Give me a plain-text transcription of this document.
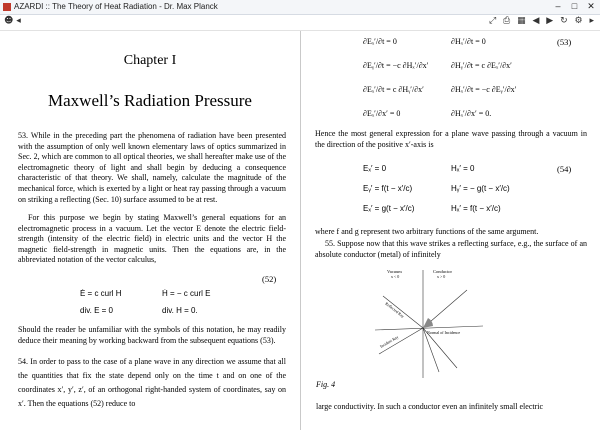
AZARDI :: The Theory of Heat Radiation - Dr. Max Planck	– □ ✕
☻ ◂	⤢ ⎙ ▦ ◀ ▶ ↻ ⚙ ▸
Chapter I
Maxwell’s Radiation Pressure
53. While in the preceding part the phenomena of radiation have been presented with the assumption of only well known elementary laws of optics summarized in Sec. 2, which are common to all optical theories, we shall hereafter make use of the electromagnetic theory of light and shall begin by deducing a consequence characteristic of that theory. We shall, namely, calculate the magnitude of the mechanical force, which is exerted by a light or heat ray passing through a vacuum on striking a reflecting (Sec. 10) surface assumed to be at rest.
For this purpose we begin by stating Maxwell’s general equations for an electromagnetic process in a vacuum. Let the vector E denote the electric field-strength (intensity of the electric field) in electric units and the vector H the magnetic field-strength in magnetic units. Then the equations are, in the abbreviated notation of the vector calculus,
(52)
Ė = c curl H	Ḣ = − c curl E
div. E = 0	div. H = 0.
Should the reader be unfamiliar with the symbols of this notation, he may readily deduce their meaning by working backward from the subsequent equations (53).
54. In order to pass to the case of a plane wave in any direction we assume that all the quantities that fix the state depend only on the time t and on one of the coordinates x′, y′, z′, of an orthogonal right-handed system of coordinates, say on x′. Then the equations (52) reduce to
(53)
∂Eₓ′/∂t = 0	∂Hₓ′/∂t = 0
∂Eᵧ′/∂t = −c ∂Hₓ′/∂x′	∂Hᵧ′/∂t = c ∂Eₓ′/∂x′
∂Eₓ′/∂t = c ∂Hᵧ′/∂x′	∂Hₓ′/∂t = −c ∂Eᵧ′/∂x′
∂Eₓ′/∂x′ = 0	∂Hₓ′/∂x′ = 0.
Hence the most general expression for a plane wave passing through a vacuum in the direction of the positive x′-axis is
(54)
Eₓ′ = 0	Hₓ′ = 0
Eᵧ′ = f(t − x′/c)	Hᵧ′ = − g(t − x′/c)
Eₓ′ = g(t − x′/c)	Hₓ′ = f(t − x′/c)
where f and g represent two arbitrary functions of the same argument.
55. Suppose now that this wave strikes a reflecting surface, e.g., the surface of an absolute conductor (metal) of infinitely
Vacuum
x < 0
Conductor
x > 0
Reflected Ray
Incident Ray
Normal of Incidence
Fig. 4
large conductivity. In such a conductor even an infinitely small electric
